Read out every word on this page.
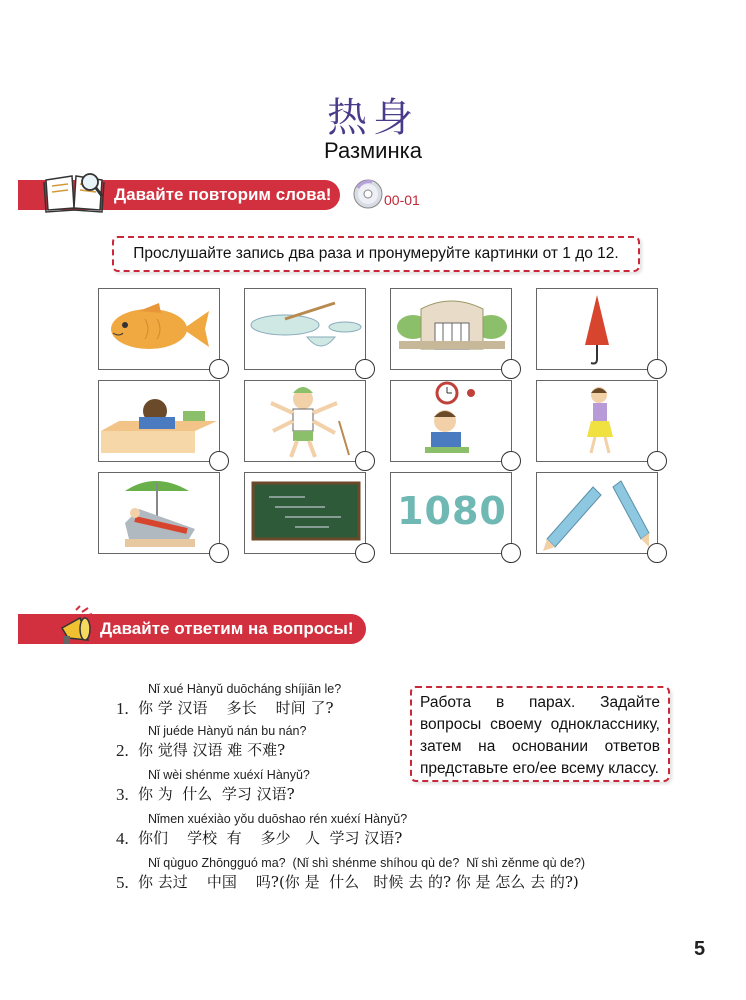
热身
Разминка
Давайте повторим слова!	00-01
Прослушайте запись два раза и пронумеруйте картинки от 1 до 12.
1080
Давайте ответим на вопросы!
Работа в парах. Задайте вопросы своему однокласснику, затем на основании ответов представьте его/ее всему классу.
Nǐ xué Hànyǔ duōcháng shíjiān le?
1. 你 学 汉语    多长    时间 了?
Nǐ juéde Hànyǔ nán bu nán?
2. 你 觉得 汉语 难 不难?
Nǐ wèi shénme xuéxí Hànyǔ?
3. 你 为  什么  学习 汉语?
Nǐmen xuéxiào yǒu duōshao rén xuéxí Hànyǔ?
4. 你们    学校  有    多少   人  学习 汉语?
Nǐ qùguo Zhōngguó ma?  (Nǐ shì shénme shíhou qù de?  Nǐ shì zěnme qù de?)
5. 你 去过    中国    吗?(你 是  什么   时候 去 的? 你 是 怎么 去 的?)
5
